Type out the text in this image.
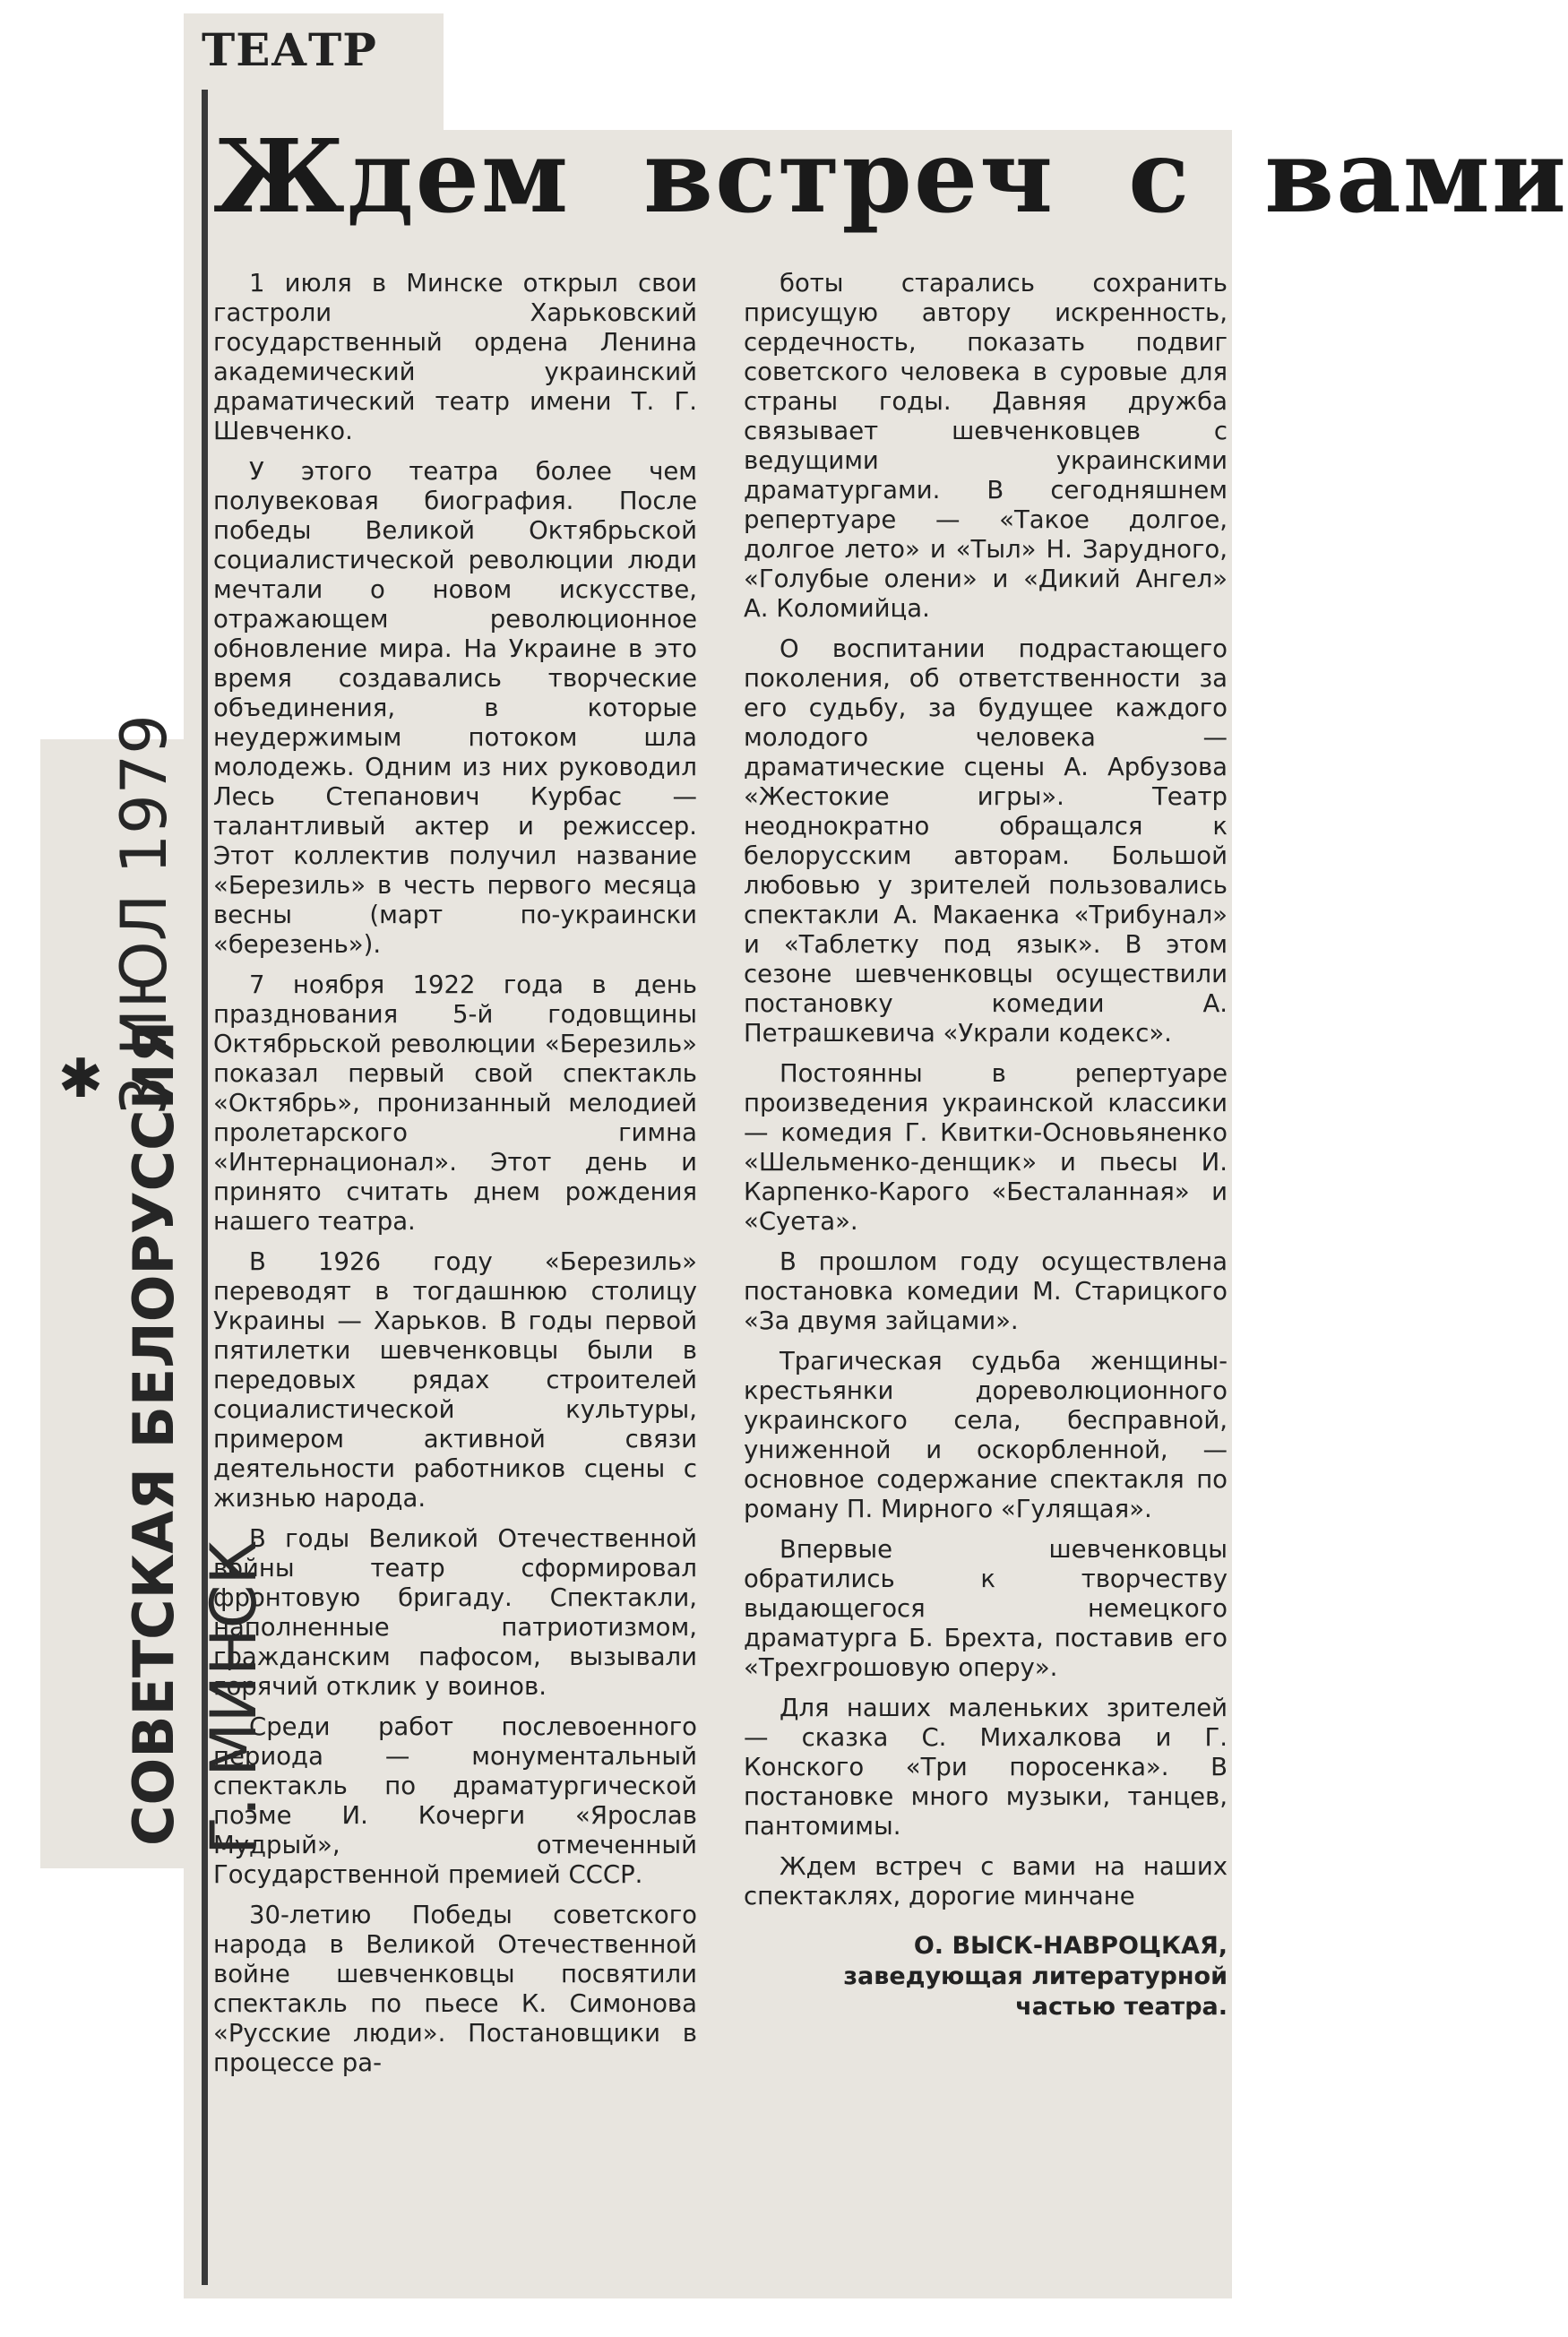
ТЕАТР
Ждем  встреч  с  вами

1 июля в Минске открыл свои гастроли Харьковский государственный ордена Ленина академический украинский драматический театр имени Т. Г. Шевченко.

У этого театра более чем полувековая биография. После победы Великой Октябрьской социалистической революции люди мечтали о новом искусстве, отражающем революционное обновление мира. На Украине в это время создавались творческие объединения, в которые неудержимым потоком шла молодежь. Одним из них руководил Лесь Степанович Курбас — талантливый актер и режиссер. Этот коллектив получил название «Березиль» в честь первого месяца весны (март по-украински «березень»).

7 ноября 1922 года в день празднования 5-й годовщины Октябрьской революции «Березиль» показал первый свой спектакль «Октябрь», пронизанный мелодией пролетарского гимна «Интернационал». Этот день и принято считать днем рождения нашего театра.

В 1926 году «Березиль» переводят в тогдашнюю столицу Украины — Харьков. В годы первой пятилетки шевченковцы были в передовых рядах строителей социалистической культуры, примером активной связи деятельности работников сцены с жизнью народа.

В годы Великой Отечественной войны театр сформировал фронтовую бригаду. Спектакли, наполненные патриотизмом, гражданским пафосом, вызывали горячий отклик у воинов.

Среди работ послевоенного периода — монументальный спектакль по драматургической поэме И. Кочерги «Ярослав Мудрый», отмеченный Государственной премией СССР.

30-летию Победы советского народа в Великой Отечественной войне шевченковцы посвятили спектакль по пьесе К. Симонова «Русские люди». Постановщики в процессе ра-

боты старались сохранить присущую автору искренность, сердечность, показать подвиг советского человека в суровые для страны годы. Давняя дружба связывает шевченковцев с ведущими украинскими драматургами. В сегодняшнем репертуаре — «Такое долгое, долгое лето» и «Тыл» Н. Зарудного, «Голубые олени» и «Дикий Ангел» А. Коломийца.

О воспитании подрастающего поколения, об ответственности за его судьбу, за будущее каждого молодого человека — драматические сцены А. Арбузова «Жестокие игры». Театр неоднократно обращался к белорусским авторам. Большой любовью у зрителей пользовались спектакли А. Макаенка «Трибунал» и «Таблетку под язык». В этом сезоне шевченковцы осуществили постановку комедии А. Петрашкевича «Украли кодекс».

Постоянны в репертуаре произведения украинской классики — комедия Г. Квитки-Основьяненко «Шельменко-денщик» и пьесы И. Карпенко-Карого «Бесталанная» и «Суета».

В прошлом году осуществлена постановка комедии М. Старицкого «За двумя зайцами».

Трагическая судьба женщины-крестьянки дореволюционного украинского села, бесправной, униженной и оскорбленной, — основное содержание спектакля по роману П. Мирного «Гулящая».

Впервые шевченковцы обратились к творчеству выдающегося немецкого драматурга Б. Брехта, поставив его «Трехгрошовую оперу».

Для наших маленьких зрителей — сказка С. Михалкова и Г. Конского «Три поросенка». В постановке много музыки, танцев, пантомимы.

Ждем встреч с вами на наших спектаклях, дорогие минчане

О. ВЫСК-НАВРОЦКАЯ,
заведующая литературной
частью театра.
СОВЕТСКАЯ БЕЛОРУССИЯ Г. МИНСК
✱ 3 ИЮЛ 1979
